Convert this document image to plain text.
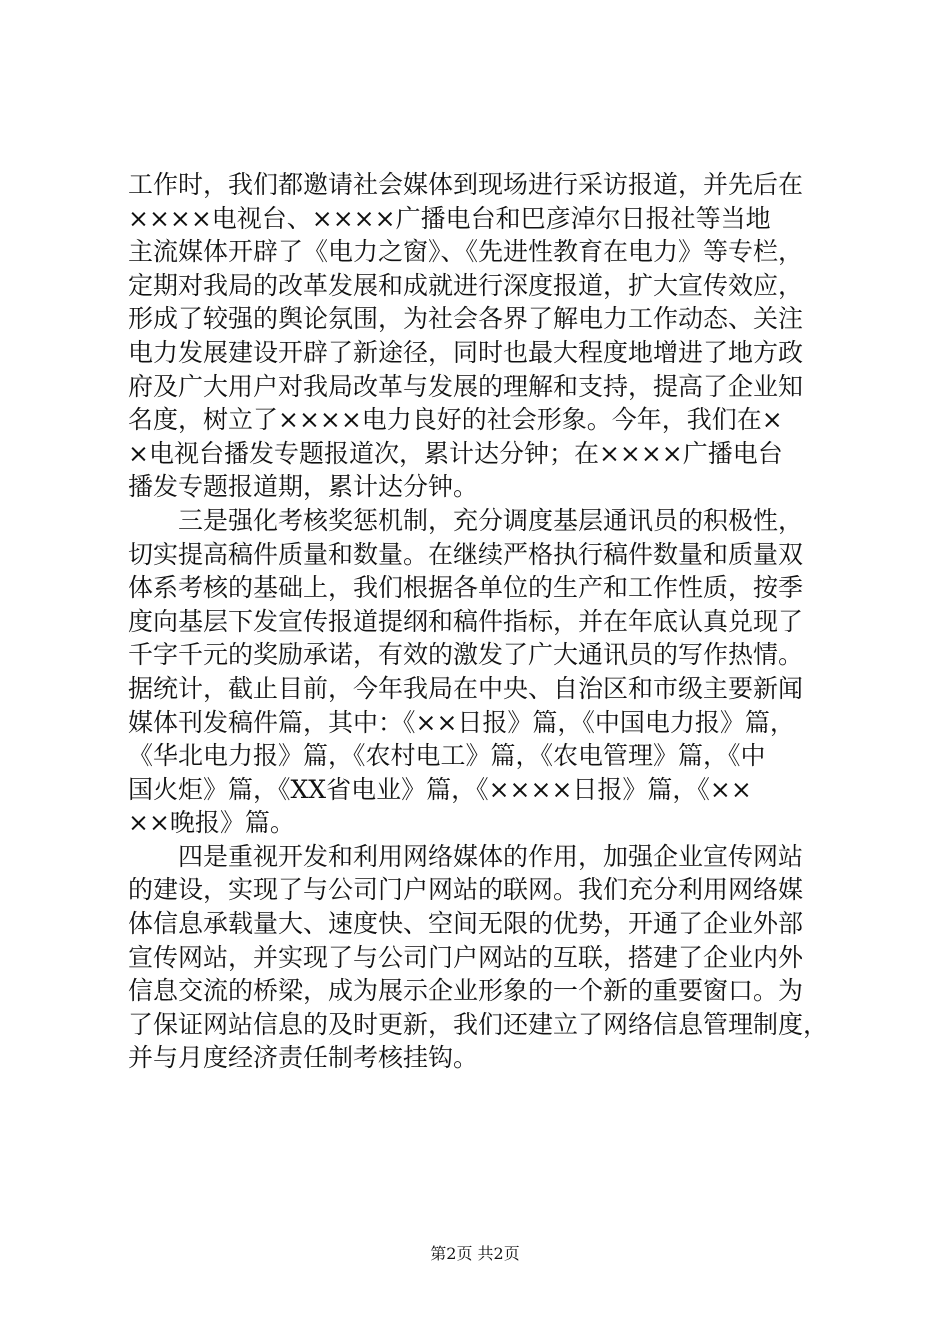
工作时，我们都邀请社会媒体到现场进行采访报道，并先后在
××××电视台、××××广播电台和巴彦淖尔日报社等当地
主流媒体开辟了《电力之窗》、《先进性教育在电力》等专栏，
定期对我局的改革发展和成就进行深度报道，扩大宣传效应，
形成了较强的舆论氛围，为社会各界了解电力工作动态、关注
电力发展建设开辟了新途径，同时也最大程度地增进了地方政
府及广大用户对我局改革与发展的理解和支持，提高了企业知
名度，树立了××××电力良好的社会形象。今年，我们在×
×电视台播发专题报道次，累计达分钟；在××××广播电台
播发专题报道期，累计达分钟。
　　三是强化考核奖惩机制，充分调度基层通讯员的积极性，
切实提高稿件质量和数量。在继续严格执行稿件数量和质量双
体系考核的基础上，我们根据各单位的生产和工作性质，按季
度向基层下发宣传报道提纲和稿件指标，并在年底认真兑现了
千字千元的奖励承诺，有效的激发了广大通讯员的写作热情。
据统计，截止目前，今年我局在中央、自治区和市级主要新闻
媒体刊发稿件篇，其中：《××日报》篇，《中国电力报》篇，
《华北电力报》篇，《农村电工》篇，《农电管理》篇，《中
国火炬》篇，《XX省电业》篇，《××××日报》篇，《××
××晚报》篇。
　　四是重视开发和利用网络媒体的作用，加强企业宣传网站
的建设，实现了与公司门户网站的联网。我们充分利用网络媒
体信息承载量大、速度快、空间无限的优势，开通了企业外部
宣传网站，并实现了与公司门户网站的互联，搭建了企业内外
信息交流的桥梁，成为展示企业形象的一个新的重要窗口。为
了保证网站信息的及时更新，我们还建立了网络信息管理制度，
并与月度经济责任制考核挂钩。
第2页 共2页
